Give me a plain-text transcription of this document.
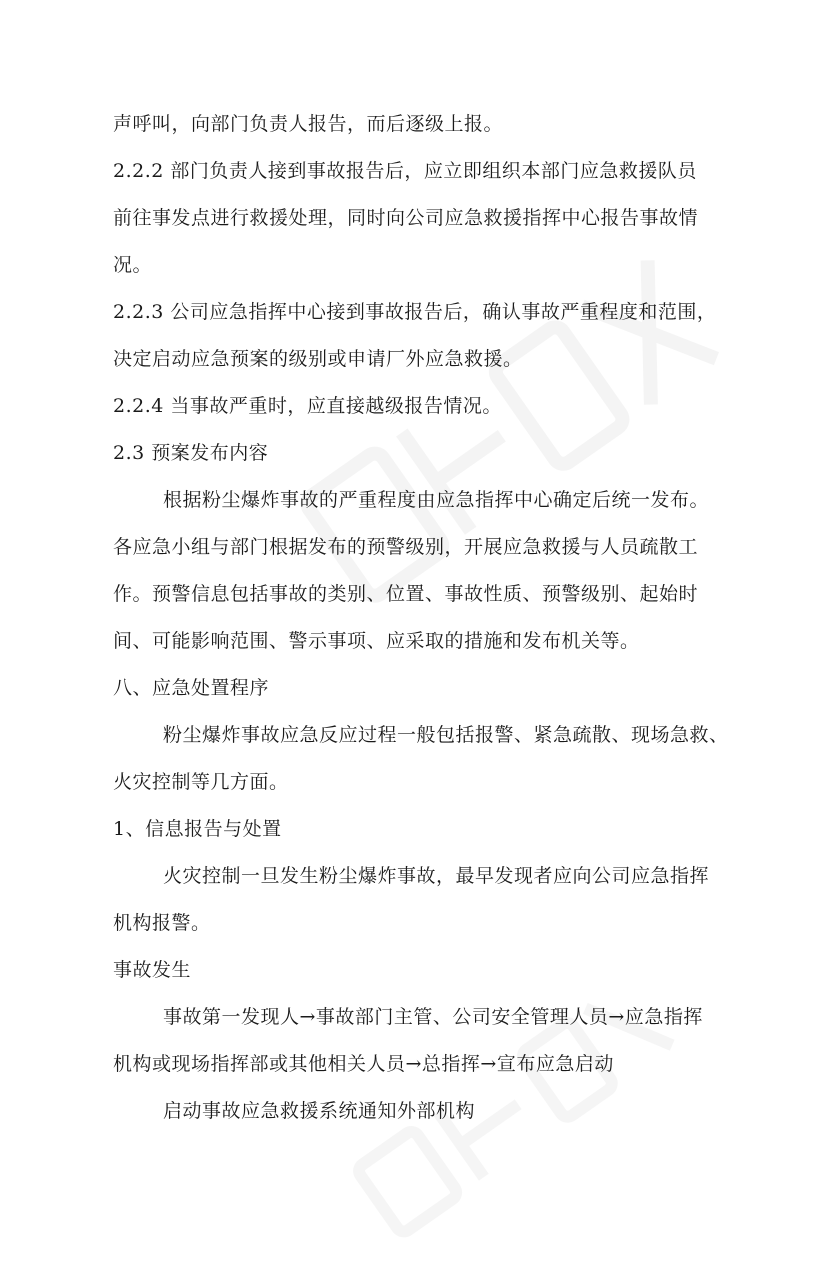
声呼叫，向部门负责人报告，而后逐级上报。
2.2.2 部门负责人接到事故报告后，应立即组织本部门应急救援队员
前往事发点进行救援处理，同时向公司应急救援指挥中心报告事故情
况。
2.2.3 公司应急指挥中心接到事故报告后，确认事故严重程度和范围，
决定启动应急预案的级别或申请厂外应急救援。
2.2.4 当事故严重时，应直接越级报告情况。
2.3 预案发布内容
根据粉尘爆炸事故的严重程度由应急指挥中心确定后统一发布。
各应急小组与部门根据发布的预警级别，开展应急救援与人员疏散工
作。预警信息包括事故的类别、位置、事故性质、预警级别、起始时
间、可能影响范围、警示事项、应采取的措施和发布机关等。
八、应急处置程序
粉尘爆炸事故应急反应过程一般包括报警、紧急疏散、现场急救、
火灾控制等几方面。
1、信息报告与处置
火灾控制一旦发生粉尘爆炸事故，最早发现者应向公司应急指挥
机构报警。
事故发生
事故第一发现人→事故部门主管、公司安全管理人员→应急指挥
机构或现场指挥部或其他相关人员→总指挥→宣布应急启动
启动事故应急救援系统通知外部机构
